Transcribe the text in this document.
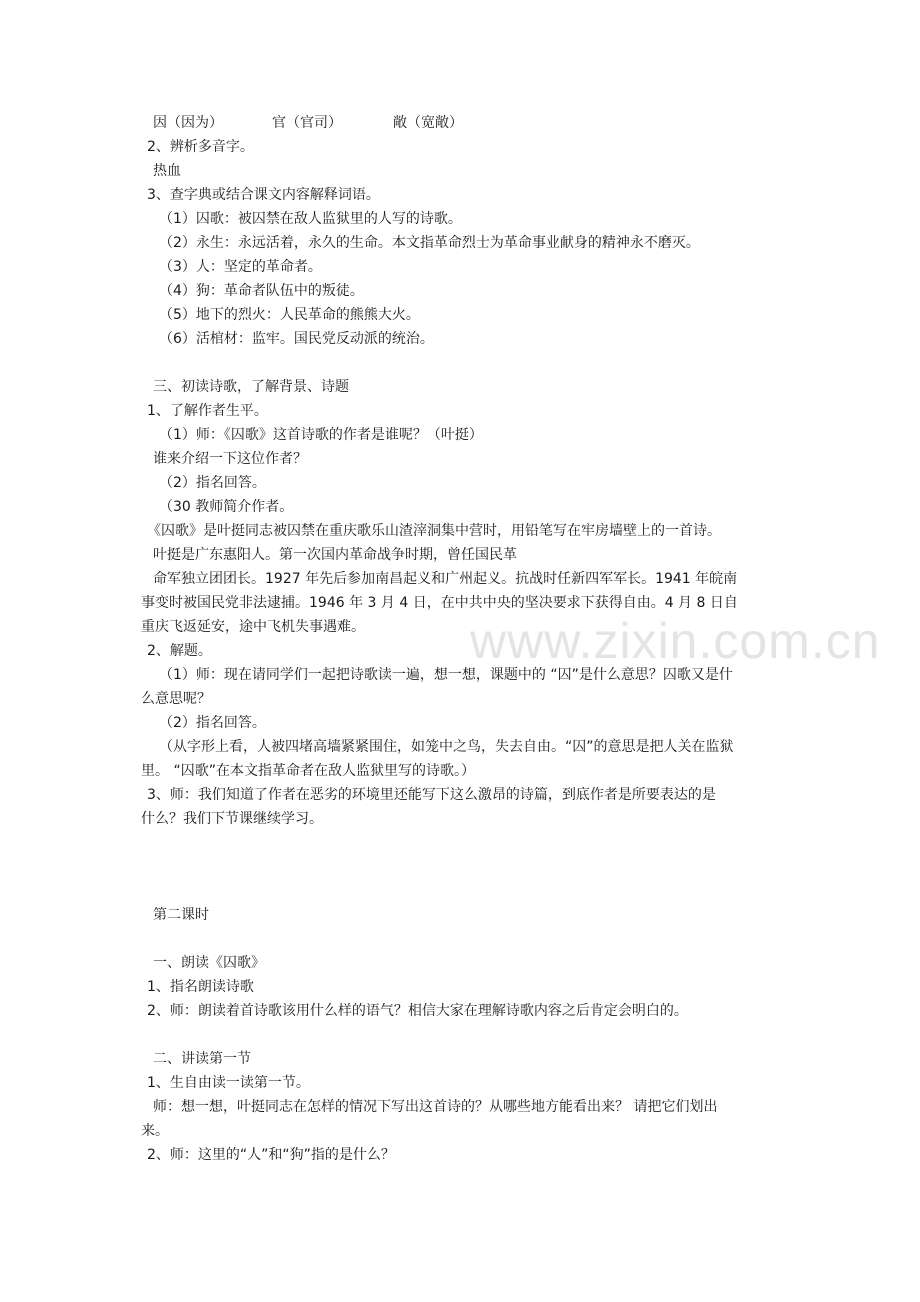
www.zixin.com.cn
因（因为）	官（官司）	敞（宽敞）
2、辨析多音字。
热血
3、查字典或结合课文内容解释词语。
（1）囚歌：被囚禁在敌人监狱里的人写的诗歌。
（2）永生：永远活着，永久的生命。本文指革命烈士为革命事业献身的精神永不磨灭。
（3）人：坚定的革命者。
（4）狗：革命者队伍中的叛徒。
（5）地下的烈火：人民革命的熊熊大火。
（6）活棺材：监牢。国民党反动派的统治。
三、初读诗歌，了解背景、诗题
1、了解作者生平。
（1）师：《囚歌》这首诗歌的作者是谁呢？（叶挺）
谁来介绍一下这位作者？
（2）指名回答。
（30 教师简介作者。
《囚歌》是叶挺同志被囚禁在重庆歌乐山渣滓洞集中营时，用铅笔写在牢房墙壁上的一首诗。
叶挺是广东惠阳人。第一次国内革命战争时期，曾任国民革
命军独立团团长。1927 年先后参加南昌起义和广州起义。抗战时任新四军军长。1941 年皖南
事变时被国民党非法逮捕。1946 年 3 月 4 日，在中共中央的坚决要求下获得自由。4 月 8 日自
重庆飞返延安，途中飞机失事遇难。
2、解题。
（1）师：现在请同学们一起把诗歌读一遍，想一想，课题中的 “囚”是什么意思？囚歌又是什
么意思呢？
（2）指名回答。
（从字形上看，人被四堵高墙紧紧围住，如笼中之鸟，失去自由。“囚”的意思是把人关在监狱
里。 “囚歌”在本文指革命者在敌人监狱里写的诗歌。）
3、师：我们知道了作者在恶劣的环境里还能写下这么激昂的诗篇，到底作者是所要表达的是
什么？我们下节课继续学习。
第二课时
一、朗读《囚歌》
1、指名朗读诗歌
2、师：朗读着首诗歌该用什么样的语气？相信大家在理解诗歌内容之后肯定会明白的。
二、讲读第一节
1、生自由读一读第一节。
师：想一想，叶挺同志在怎样的情况下写出这首诗的？从哪些地方能看出来？ 请把它们划出
来。
2、师：这里的“人”和“狗”指的是什么？
